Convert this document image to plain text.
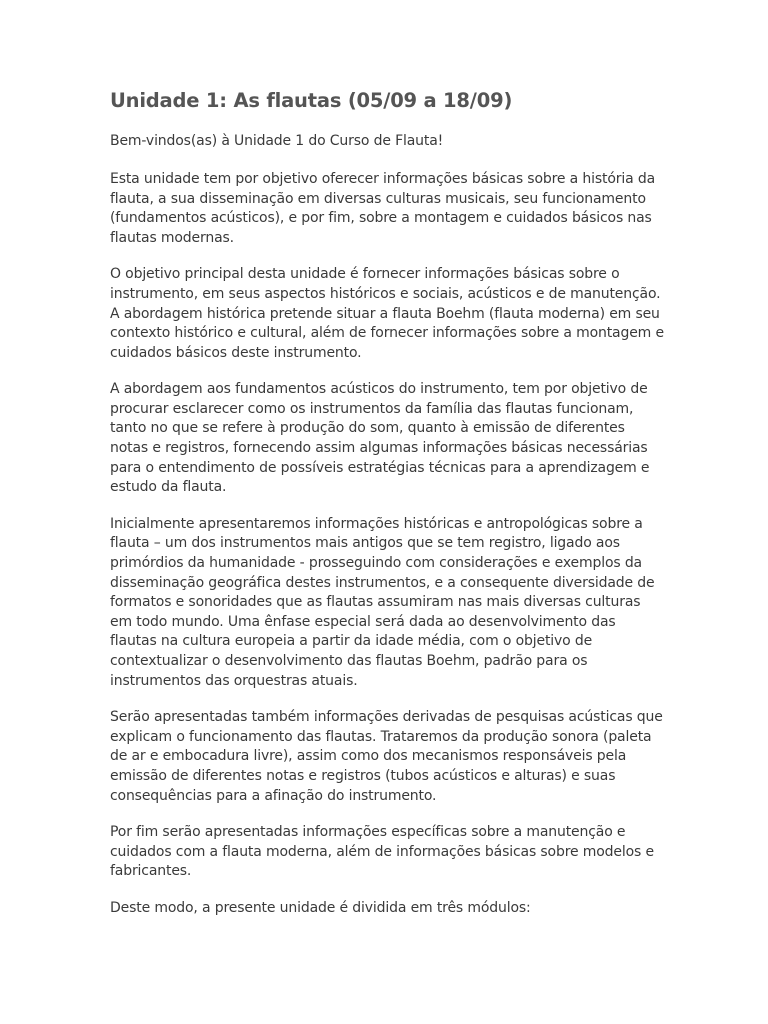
Unidade 1: As flautas (05/09 a 18/09)

Bem-vindos(as) à Unidade 1 do Curso de Flauta!

Esta unidade tem por objetivo oferecer informações básicas sobre a história da flauta, a sua disseminação em diversas culturas musicais, seu funcionamento (fundamentos acústicos), e por fim, sobre a montagem e cuidados básicos nas flautas modernas.

O objetivo principal desta unidade é fornecer informações básicas sobre o instrumento, em seus aspectos históricos e sociais, acústicos e de manutenção. A abordagem histórica pretende situar a flauta Boehm (flauta moderna) em seu contexto histórico e cultural, além de fornecer informações sobre a montagem e cuidados básicos deste instrumento.

A abordagem aos fundamentos acústicos do instrumento, tem por objetivo de procurar esclarecer como os instrumentos da família das flautas funcionam, tanto no que se refere à produção do som, quanto à emissão de diferentes notas e registros, fornecendo assim algumas informações básicas necessárias para o entendimento de possíveis estratégias técnicas para a aprendizagem e estudo da flauta.

Inicialmente apresentaremos informações históricas e antropológicas sobre a flauta – um dos instrumentos mais antigos que se tem registro, ligado aos primórdios da humanidade - prosseguindo com considerações e exemplos da disseminação geográfica destes instrumentos, e a consequente diversidade de formatos e sonoridades que as flautas assumiram nas mais diversas culturas em todo mundo. Uma ênfase especial será dada ao desenvolvimento das flautas na cultura europeia a partir da idade média, com o objetivo de contextualizar o desenvolvimento das flautas Boehm, padrão para os instrumentos das orquestras atuais.

Serão apresentadas também informações derivadas de pesquisas acústicas que explicam o funcionamento das flautas. Trataremos da produção sonora (paleta de ar e embocadura livre), assim como dos mecanismos responsáveis pela emissão de diferentes notas e registros (tubos acústicos e alturas) e suas consequências para a afinação do instrumento.

Por fim serão apresentadas informações específicas sobre a manutenção e cuidados com a flauta moderna, além de informações básicas sobre modelos e fabricantes.

Deste modo, a presente unidade é dividida em três módulos:
